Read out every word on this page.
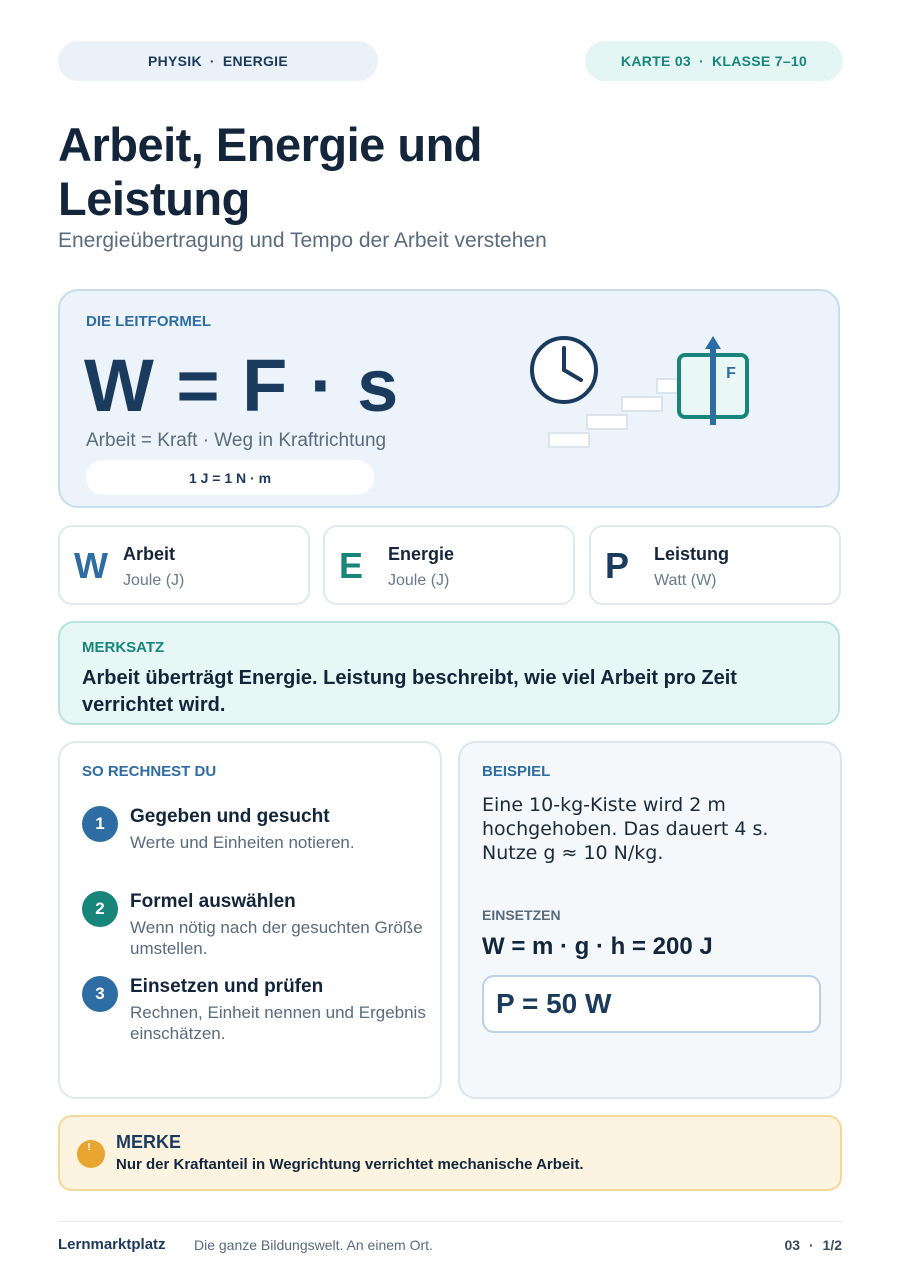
PHYSIK · ENERGIE	KARTE 03 · KLASSE 7–10
Arbeit, Energie und Leistung
Energieübertragung und Tempo der Arbeit verstehen
DIE LEITFORMEL
W = F · s
Arbeit = Kraft · Weg in Kraftrichtung
1 J = 1 N · m
F
W Arbeit
Joule (J)	E Energie
Joule (J)	P Leistung
Watt (W)
MERKSATZ
Arbeit überträgt Energie. Leistung beschreibt, wie viel Arbeit pro Zeit verrichtet wird.
SO RECHNEST DU
1	Gegeben und gesucht
Werte und Einheiten notieren.
2	Formel auswählen
Wenn nötig nach der gesuchten Größe umstellen.
3	Einsetzen und prüfen
Rechnen, Einheit nennen und Ergebnis einschätzen.
BEISPIEL
Eine 10-kg-Kiste wird 2 m hochgehoben. Das dauert 4 s. Nutze g ≈ 10 N/kg.
EINSETZEN
W = m · g · h = 200 J
P = 50 W
! MERKE
Nur der Kraftanteil in Wegrichtung verrichtet mechanische Arbeit.
Lernmarktplatz Die ganze Bildungswelt. An einem Ort.	03 · 1/2
